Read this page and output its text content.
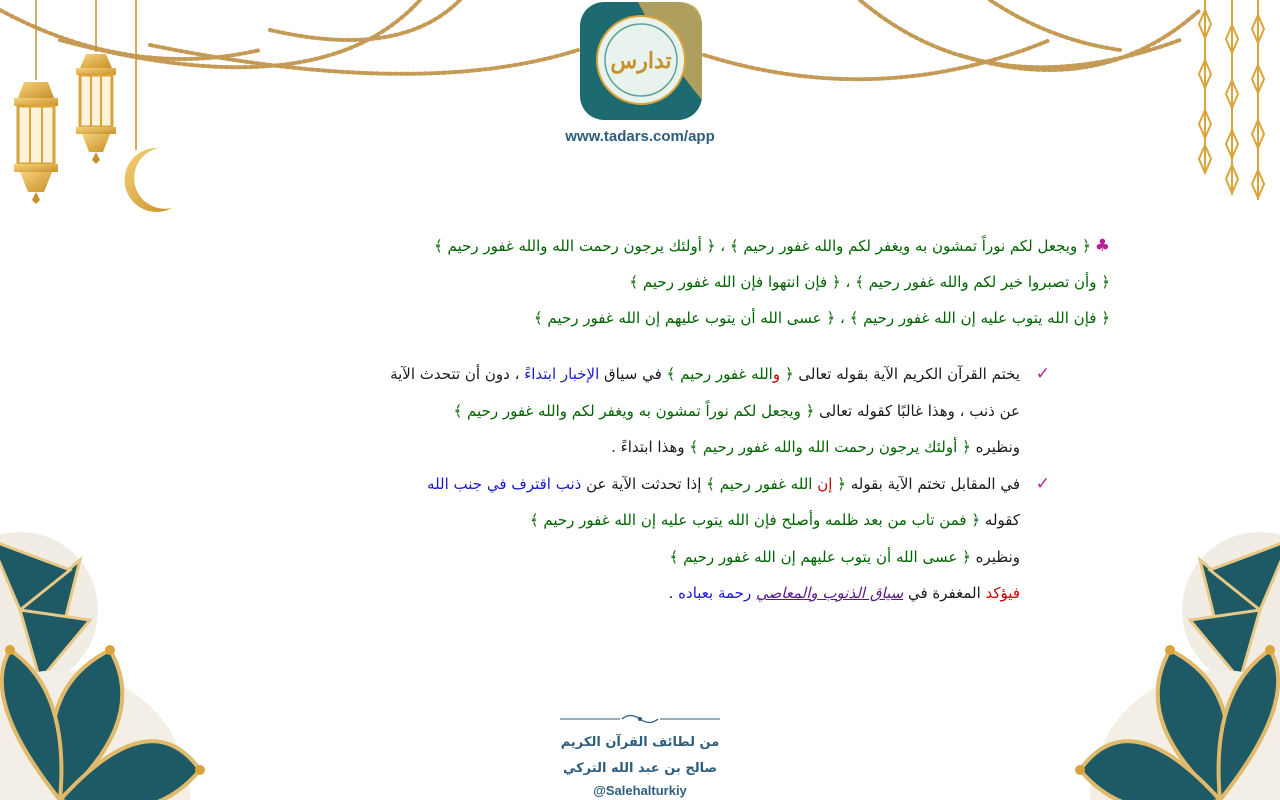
تدارس
www.tadars.com/app
♣﴿ ويجعل لكم نوراً تمشون به ويغفر لكم والله غفور رحيم ﴾ ، ﴿ أولئك يرجون رحمت الله والله غفور رحيم ﴾
﴿ وأن تصبروا خير لكم والله غفور رحيم ﴾ ، ﴿ فإن انتهوا فإن الله غفور رحيم ﴾
﴿ فإن الله يتوب عليه إن الله غفور رحيم ﴾ ، ﴿ عسى الله أن يتوب عليهم إن الله غفور رحيم ﴾
✓يختم القرآن الكريم الآية بقوله تعالى ﴿ والله غفور رحيم ﴾ في سياق الإخبار ابتداءً ، دون أن تتحدث الآية
عن ذنب ، وهذا غالبًا كقوله تعالى ﴿ ويجعل لكم نوراً تمشون به ويغفر لكم والله غفور رحيم ﴾
ونظيره ﴿ أولئك يرجون رحمت الله والله غفور رحيم ﴾ وهذا ابتداءً .
✓في المقابل تختم الآية بقوله ﴿ إن الله غفور رحيم ﴾ إذا تحدثت الآية عن ذنب اقترف في جنب الله
كقوله ﴿ فمن تاب من بعد ظلمه وأصلح فإن الله يتوب عليه إن الله غفور رحيم ﴾
ونظيره ﴿ عسى الله أن يتوب عليهم إن الله غفور رحيم ﴾
فيؤكد المغفرة في سياق الذنوب والمعاصي رحمة بعباده .
من لطائف القرآن الكريم
صالح بن عبد الله التركي
@Salehalturkiy
